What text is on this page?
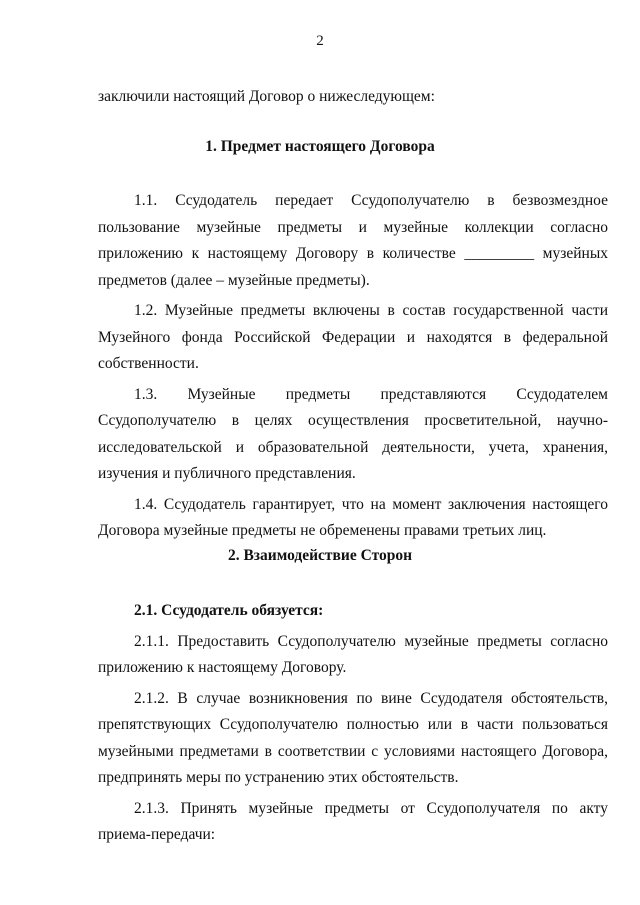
2
заключили настоящий Договор о нижеследующем:
1. Предмет настоящего Договора

1.1. Ссудодатель передает Ссудополучателю в безвозмездное пользование музейные предметы и музейные коллекции согласно приложению к настоящему Договору в количестве _________ музейных предметов (далее – музейные предметы).

1.2. Музейные предметы включены в состав государственной части Музейного фонда Российской Федерации и находятся в федеральной собственности.

1.3. Музейные предметы представляются Ссудодателем Ссудополучателю в целях осуществления просветительной, научно-исследовательской и образовательной деятельности, учета, хранения, изучения и публичного представления.

1.4. Ссудодатель гарантирует, что на момент заключения настоящего Договора музейные предметы не обременены правами третьих лиц.

2. Взаимодействие Сторон

2.1. Ссудодатель обязуется:

2.1.1. Предоставить Ссудополучателю музейные предметы согласно приложению к настоящему Договору.

2.1.2. В случае возникновения по вине Ссудодателя обстоятельств, препятствующих Ссудополучателю полностью или в части пользоваться музейными предметами в соответствии с условиями настоящего Договора, предпринять меры по устранению этих обстоятельств.

2.1.3. Принять музейные предметы от Ссудополучателя по акту приема-передачи:
